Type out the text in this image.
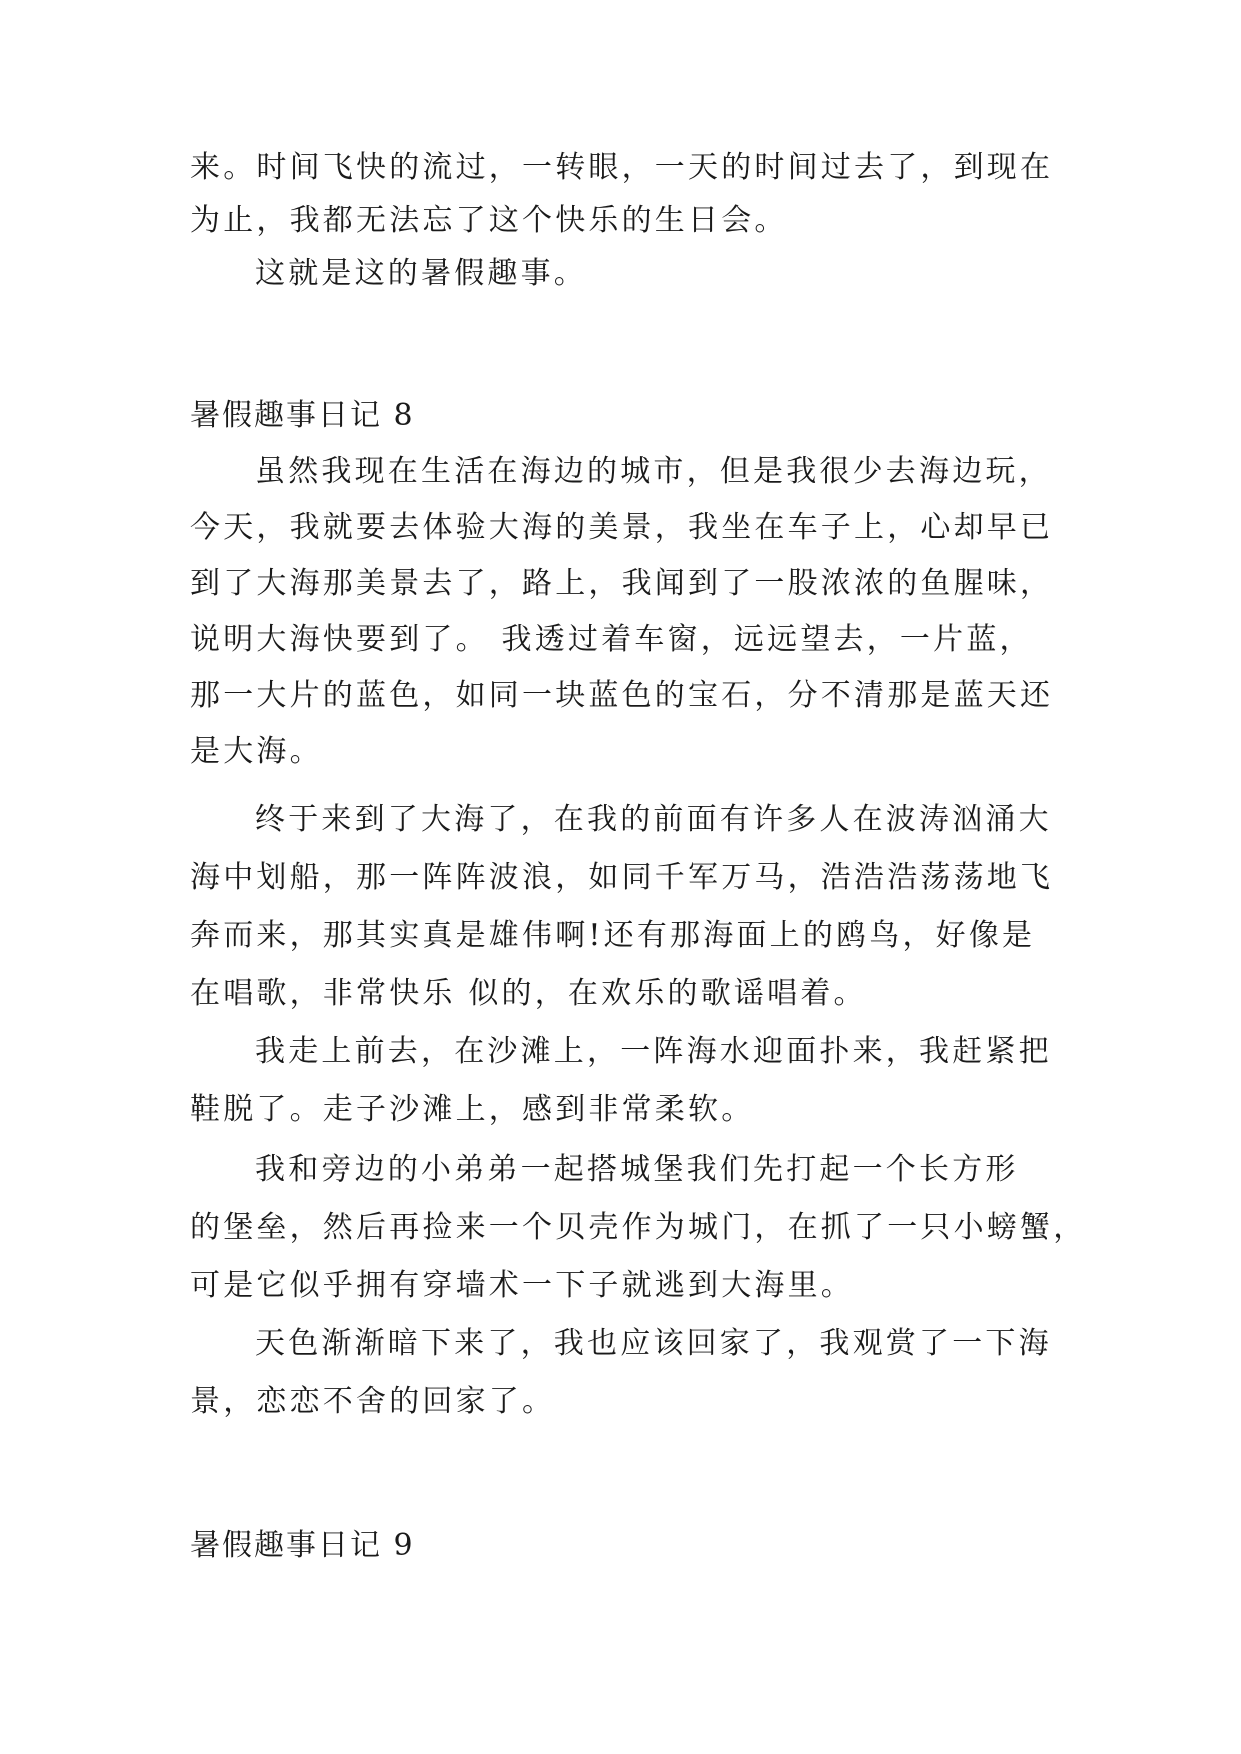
来。时间飞快的流过，一转眼，一天的时间过去了，到现在
为止，我都无法忘了这个快乐的生日会。
这就是这的暑假趣事。
暑假趣事日记 8
虽然我现在生活在海边的城市，但是我很少去海边玩，
今天，我就要去体验大海的美景，我坐在车子上，心却早已
到了大海那美景去了，路上，我闻到了一股浓浓的鱼腥味，
说明大海快要到了。 我透过着车窗，远远望去，一片蓝，
那一大片的蓝色，如同一块蓝色的宝石，分不清那是蓝天还
是大海。
终于来到了大海了，在我的前面有许多人在波涛汹涌大
海中划船，那一阵阵波浪，如同千军万马，浩浩浩荡荡地飞
奔而来，那其实真是雄伟啊!还有那海面上的鸥鸟，好像是
在唱歌，非常快乐 似的，在欢乐的歌谣唱着。
我走上前去，在沙滩上，一阵海水迎面扑来，我赶紧把
鞋脱了。走子沙滩上，感到非常柔软。
我和旁边的小弟弟一起搭城堡我们先打起一个长方形
的堡垒，然后再捡来一个贝壳作为城门，在抓了一只小螃蟹，
可是它似乎拥有穿墙术一下子就逃到大海里。
天色渐渐暗下来了，我也应该回家了，我观赏了一下海
景，恋恋不舍的回家了。
暑假趣事日记 9
